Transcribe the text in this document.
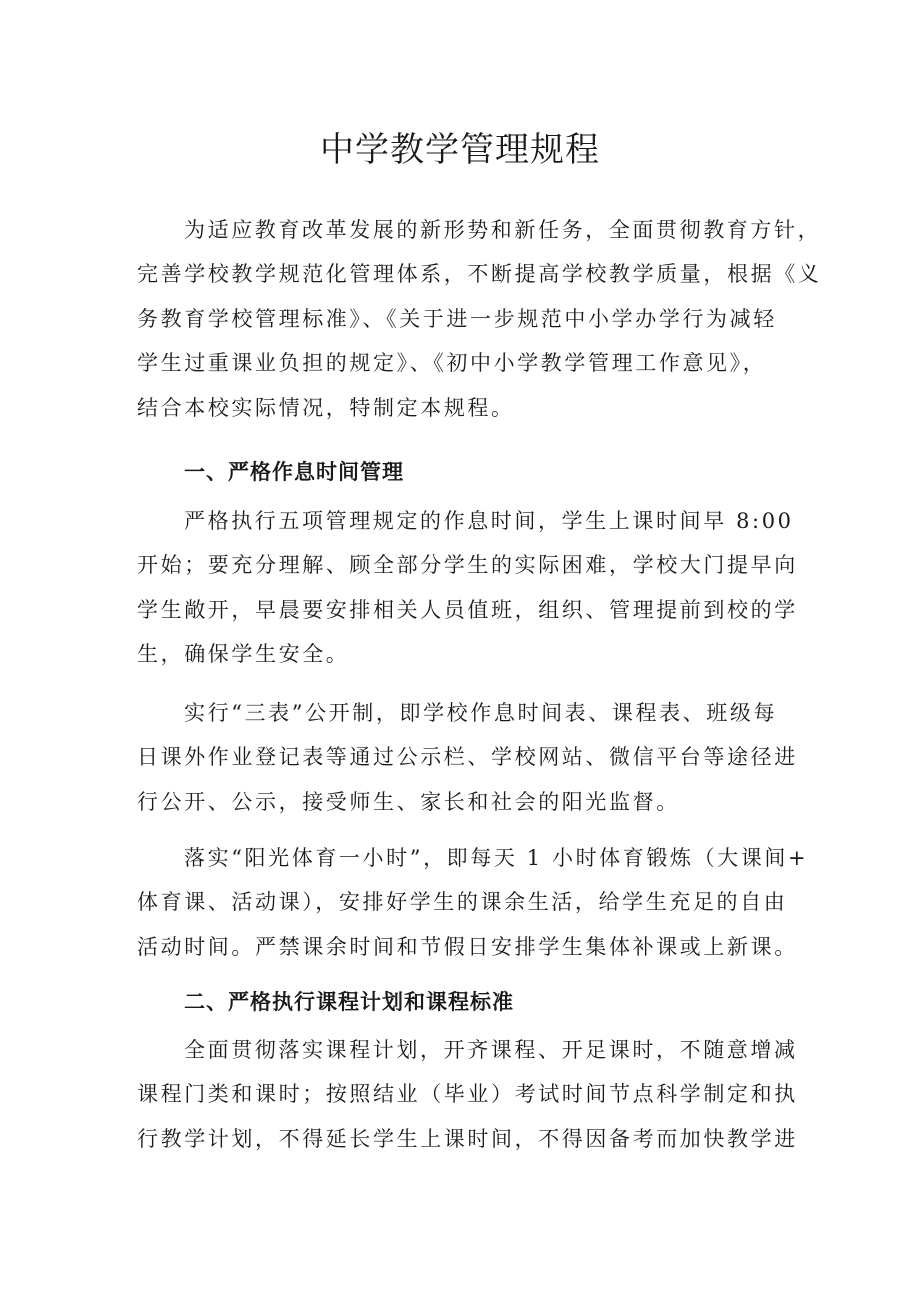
中学教学管理规程
为适应教育改革发展的新形势和新任务，全面贯彻教育方针，
完善学校教学规范化管理体系，不断提高学校教学质量，根据《义
务教育学校管理标准》、《关于进一步规范中小学办学行为减轻
学生过重课业负担的规定》、《初中小学教学管理工作意见》，
结合本校实际情况，特制定本规程。
一、严格作息时间管理
严格执行五项管理规定的作息时间，学生上课时间早 8:00
开始；要充分理解、顾全部分学生的实际困难，学校大门提早向
学生敞开，早晨要安排相关人员值班，组织、管理提前到校的学
生，确保学生安全。
实行“三表”公开制，即学校作息时间表、课程表、班级每
日课外作业登记表等通过公示栏、学校网站、微信平台等途径进
行公开、公示，接受师生、家长和社会的阳光监督。
落实“阳光体育一小时”，即每天 1 小时体育锻炼（大课间+
体育课、活动课），安排好学生的课余生活，给学生充足的自由
活动时间。严禁课余时间和节假日安排学生集体补课或上新课。
二、严格执行课程计划和课程标准
全面贯彻落实课程计划，开齐课程、开足课时，不随意增减
课程门类和课时；按照结业（毕业）考试时间节点科学制定和执
行教学计划，不得延长学生上课时间，不得因备考而加快教学进
